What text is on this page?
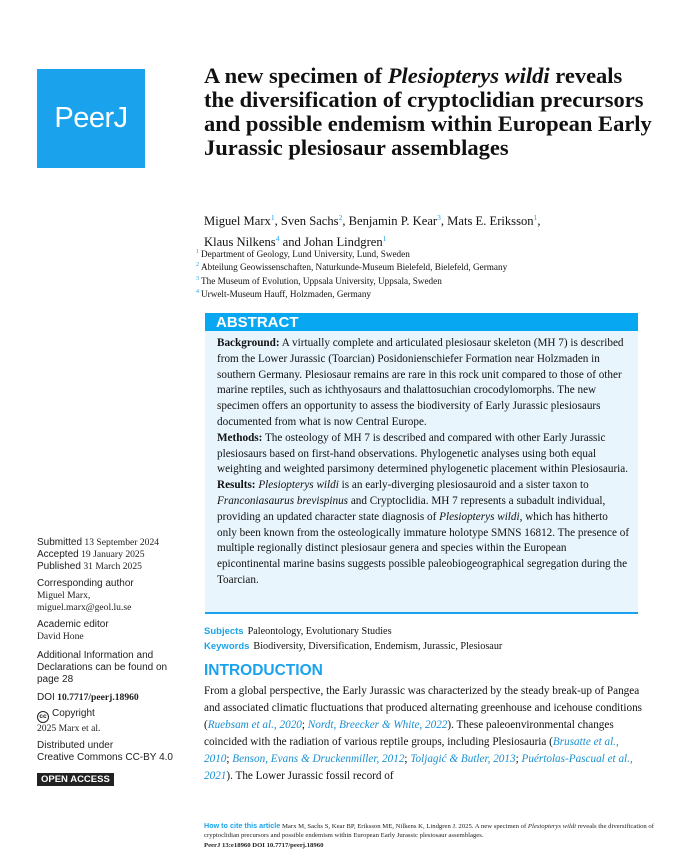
PeerJ
A new specimen of Plesiopterys wildi reveals the diversification of cryptoclidian precursors and possible endemism within European Early Jurassic plesiosaur assemblages
Miguel Marx$^1$, Sven Sachs$^2$, Benjamin P. Kear$^3$, Mats E. Eriksson$^1$,
Klaus Nilkens$^4$ and Johan Lindgren$^1$
$^1$ Department of Geology, Lund University, Lund, Sweden
$^2$ Abteilung Geowissenschaften, Naturkunde-Museum Bielefeld, Bielefeld, Germany
$^3$ The Museum of Evolution, Uppsala University, Uppsala, Sweden
$^4$ Urwelt-Museum Hauff, Holzmaden, Germany
ABSTRACT

Background: A virtually complete and articulated plesiosaur skeleton (MH 7) is described from the Lower Jurassic (Toarcian) Posidonienschiefer Formation near Holzmaden in southern Germany. Plesiosaur remains are rare in this rock unit compared to those of other marine reptiles, such as ichthyosaurs and thalattosuchian crocodylomorphs. The new specimen offers an opportunity to assess the biodiversity of Early Jurassic plesiosaurs documented from what is now Central Europe.

Methods: The osteology of MH 7 is described and compared with other Early Jurassic plesiosaurs based on first-hand observations. Phylogenetic analyses using both equal weighting and weighted parsimony determined phylogenetic placement within Plesiosauria.

Results: Plesiopterys wildi is an early-diverging plesiosauroid and a sister taxon to Franconiasaurus brevispinus and Cryptoclidia. MH 7 represents a subadult individual, providing an updated character state diagnosis of Plesiopterys wildi, which has hitherto only been known from the osteologically immature holotype SMNS 16812. The presence of multiple regionally distinct plesiosaur genera and species within the European epicontinental marine basins suggests possible paleobiogeographical segregation during the Toarcian.

Subjects Paleontology, Evolutionary Studies
Keywords Biodiversity, Diversification, Endemism, Jurassic, Plesiosaur
INTRODUCTION

From a global perspective, the Early Jurassic was characterized by the steady break-up of Pangea and associated climatic fluctuations that produced alternating greenhouse and icehouse conditions (Ruebsam et al., 2020; Nordt, Breecker & White, 2022). These paleoenvironmental changes coincided with the radiation of various reptile groups, including Plesiosauria (Brusatte et al., 2010; Benson, Evans & Druckenmiller, 2012; Toljagić & Butler, 2013; Puértolas-Pascual et al., 2021). The Lower Jurassic fossil record of

Submitted 13 September 2024
Accepted 19 January 2025
Published 31 March 2025
Corresponding author
Miguel Marx,
miguel.marx@geol.lu.se
Academic editor
David Hone
Additional Information and Declarations can be found on page 28
DOI 10.7717/peerj.18960
cc Copyright
2025 Marx et al.
Distributed under
Creative Commons CC-BY 4.0
OPEN ACCESS
How to cite this article Marx M, Sachs S, Kear BP, Eriksson ME, Nilkens K, Lindgren J. 2025. A new specimen of Plesiopterys wildi reveals the diversification of cryptoclidian precursors and possible endemism within European Early Jurassic plesiosaur assemblages.
PeerJ 13:e18960 DOI 10.7717/peerj.18960
